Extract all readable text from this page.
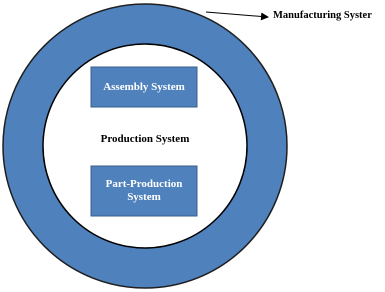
Assembly System
Part-Production System
Production System
Manufacturing Syster
